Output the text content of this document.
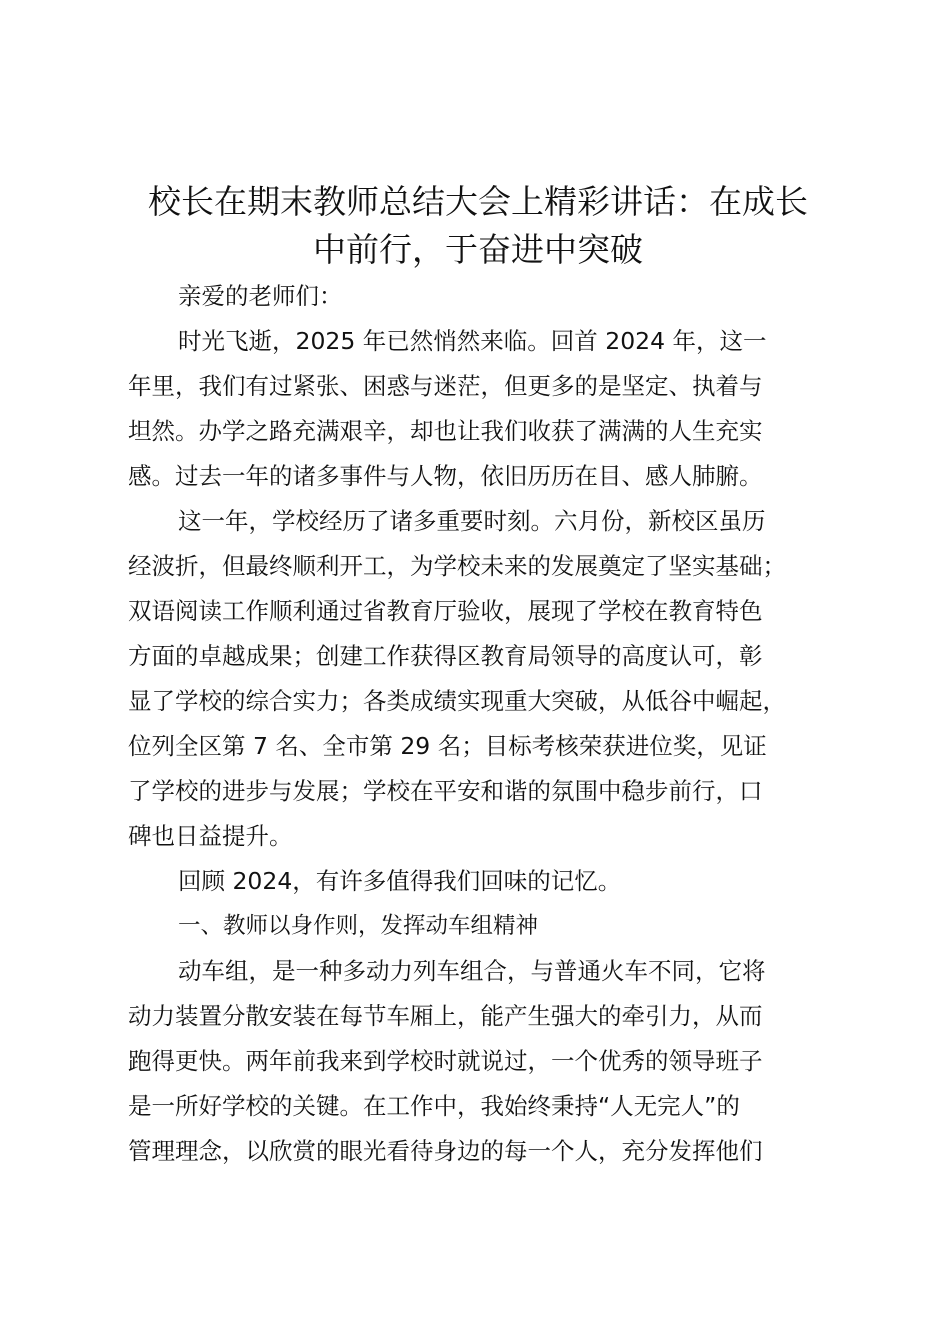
校长在期末教师总结大会上精彩讲话：在成长
中前行，于奋进中突破

亲爱的老师们：

时光飞逝，2025 年已然悄然来临。回首 2024 年，这一
年里，我们有过紧张、困惑与迷茫，但更多的是坚定、执着与
坦然。办学之路充满艰辛，却也让我们收获了满满的人生充实
感。过去一年的诸多事件与人物，依旧历历在目、感人肺腑。

这一年，学校经历了诸多重要时刻。六月份，新校区虽历
经波折，但最终顺利开工，为学校未来的发展奠定了坚实基础；
双语阅读工作顺利通过省教育厅验收，展现了学校在教育特色
方面的卓越成果；创建工作获得区教育局领导的高度认可，彰
显了学校的综合实力；各类成绩实现重大突破，从低谷中崛起，
位列全区第 7 名、全市第 29 名；目标考核荣获进位奖，见证
了学校的进步与发展；学校在平安和谐的氛围中稳步前行，口
碑也日益提升。

回顾 2024，有许多值得我们回味的记忆。

一、教师以身作则，发挥动车组精神

动车组，是一种多动力列车组合，与普通火车不同，它将
动力装置分散安装在每节车厢上，能产生强大的牵引力，从而
跑得更快。两年前我来到学校时就说过，一个优秀的领导班子
是一所好学校的关键。在工作中，我始终秉持“人无完人”的
管理理念，以欣赏的眼光看待身边的每一个人，充分发挥他们
